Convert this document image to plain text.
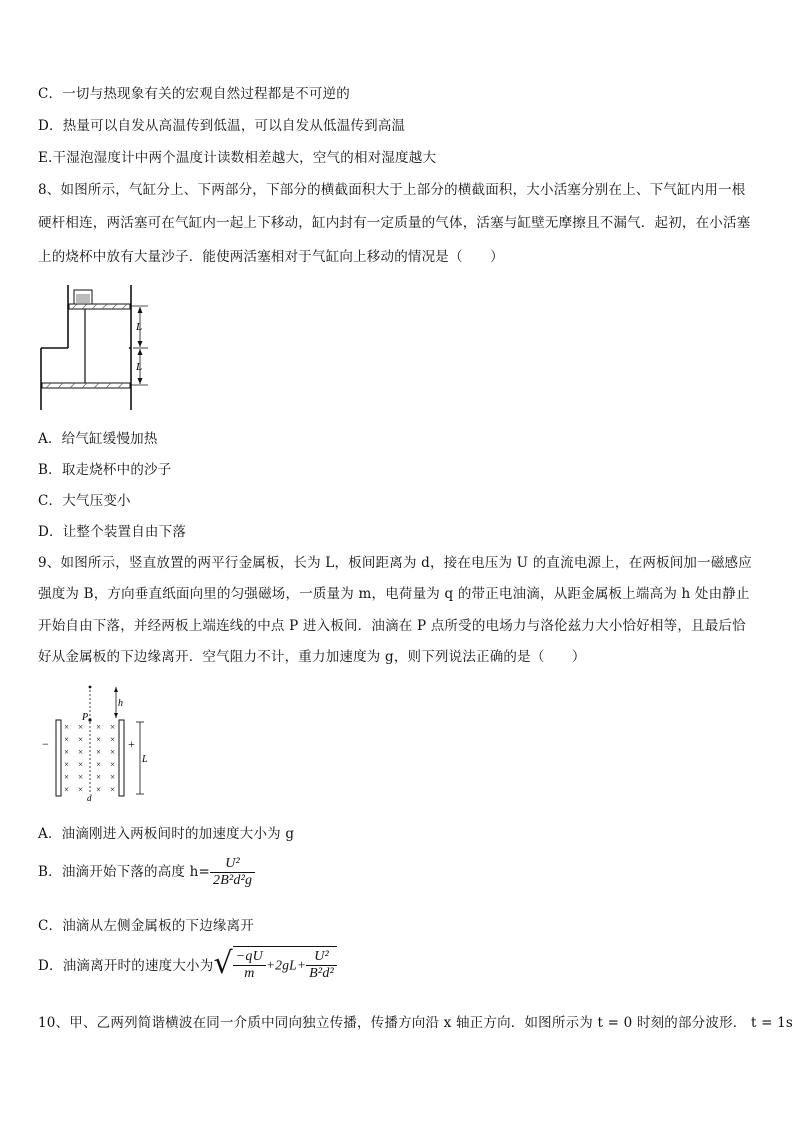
C．一切与热现象有关的宏观自然过程都是不可逆的
D．热量可以自发从高温传到低温，可以自发从低温传到高温
E.干湿泡湿度计中两个温度计读数相差越大，空气的相对湿度越大
8、如图所示，气缸分上、下两部分，下部分的横截面积大于上部分的横截面积，大小活塞分别在上、下气缸内用一根
硬杆相连，两活塞可在气缸内一起上下移动，缸内封有一定质量的气体，活塞与缸壁无摩擦且不漏气．起初，在小活塞
上的烧杯中放有大量沙子．能使两活塞相对于气缸向上移动的情况是（　　）
L
L
A．给气缸缓慢加热
B．取走烧杯中的沙子
C．大气压变小
D．让整个装置自由下落
9、如图所示，竖直放置的两平行金属板，长为 L，板间距离为 d，接在电压为 U 的直流电源上，在两板间加一磁感应
强度为 B，方向垂直纸面向里的匀强磁场，一质量为 m，电荷量为 q 的带正电油滴，从距金属板上端高为 h 处由静止
开始自由下落，并经两板上端连线的中点 P 进入板间．油滴在 P 点所受的电场力与洛伦兹力大小恰好相等，且最后恰
好从金属板的下边缘离开．空气阻力不计，重力加速度为 g，则下列说法正确的是（　　）
h
P
L
−	+
d
× × × ×
× × × ×
× × × ×
× × × ×
× × × ×
× × × ×
A．油滴刚进入两板间时的加速度大小为 g
B．油滴开始下落的高度 $h= \frac{\text{U²}}{\text{2B²d²g}}$
C．油滴从左侧金属板的下边缘离开
D．油滴离开时的速度大小为√ $\frac{-qU}{m} +2gL+ \frac{\text{U²}}{\text{B²d²}}$
10、甲、乙两列简谐横波在同一介质中同向独立传播，传播方向沿 x 轴正方向．如图所示为 t = 0 时刻的部分波形． t = 1s
